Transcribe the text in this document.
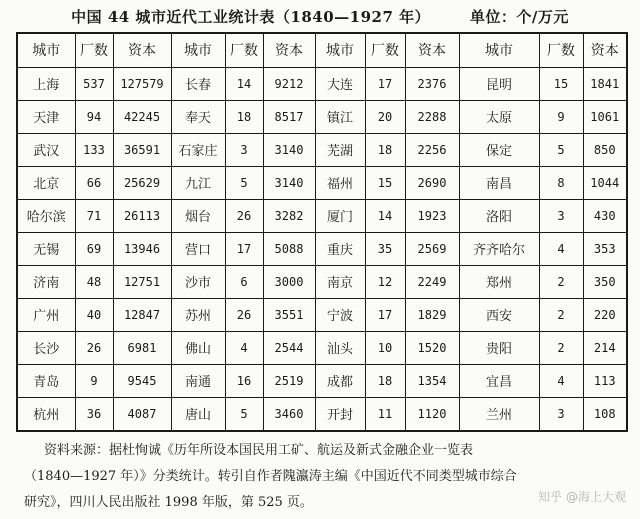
中国 44 城市近代工业统计表（1840—1927 年）	单位：个/万元
城市	厂数	资本	城市	厂数	资本	城市	厂数	资本	城市	厂数	资本
上海	537	127579	长春	14	9212	大连	17	2376	昆明	15	1841
天津	94	42245	奉天	18	8517	镇江	20	2288	太原	9	1061
武汉	133	36591	石家庄	3	3140	芜湖	18	2256	保定	5	850
北京	66	25629	九江	5	3140	福州	15	2690	南昌	8	1044
哈尔滨	71	26113	烟台	26	3282	厦门	14	1923	洛阳	3	430
无锡	69	13946	营口	17	5088	重庆	35	2569	齐齐哈尔	4	353
济南	48	12751	沙市	6	3000	南京	12	2249	郑州	2	350
广州	40	12847	苏州	26	3551	宁波	17	1829	西安	2	220
长沙	26	6981	佛山	4	2544	汕头	10	1520	贵阳	2	214
青岛	9	9545	南通	16	2519	成都	18	1354	宜昌	4	113
杭州	36	4087	唐山	5	3460	开封	11	1120	兰州	3	108
资料来源：据杜恂诚《历年所设本国民用工矿、航运及新式金融企业一览表
（1840—1927 年）》分类统计。转引自作者隗瀛涛主编《中国近代不同类型城市综合
研究》，四川人民出版社 1998 年版，第 525 页。	知乎 @海上大观
